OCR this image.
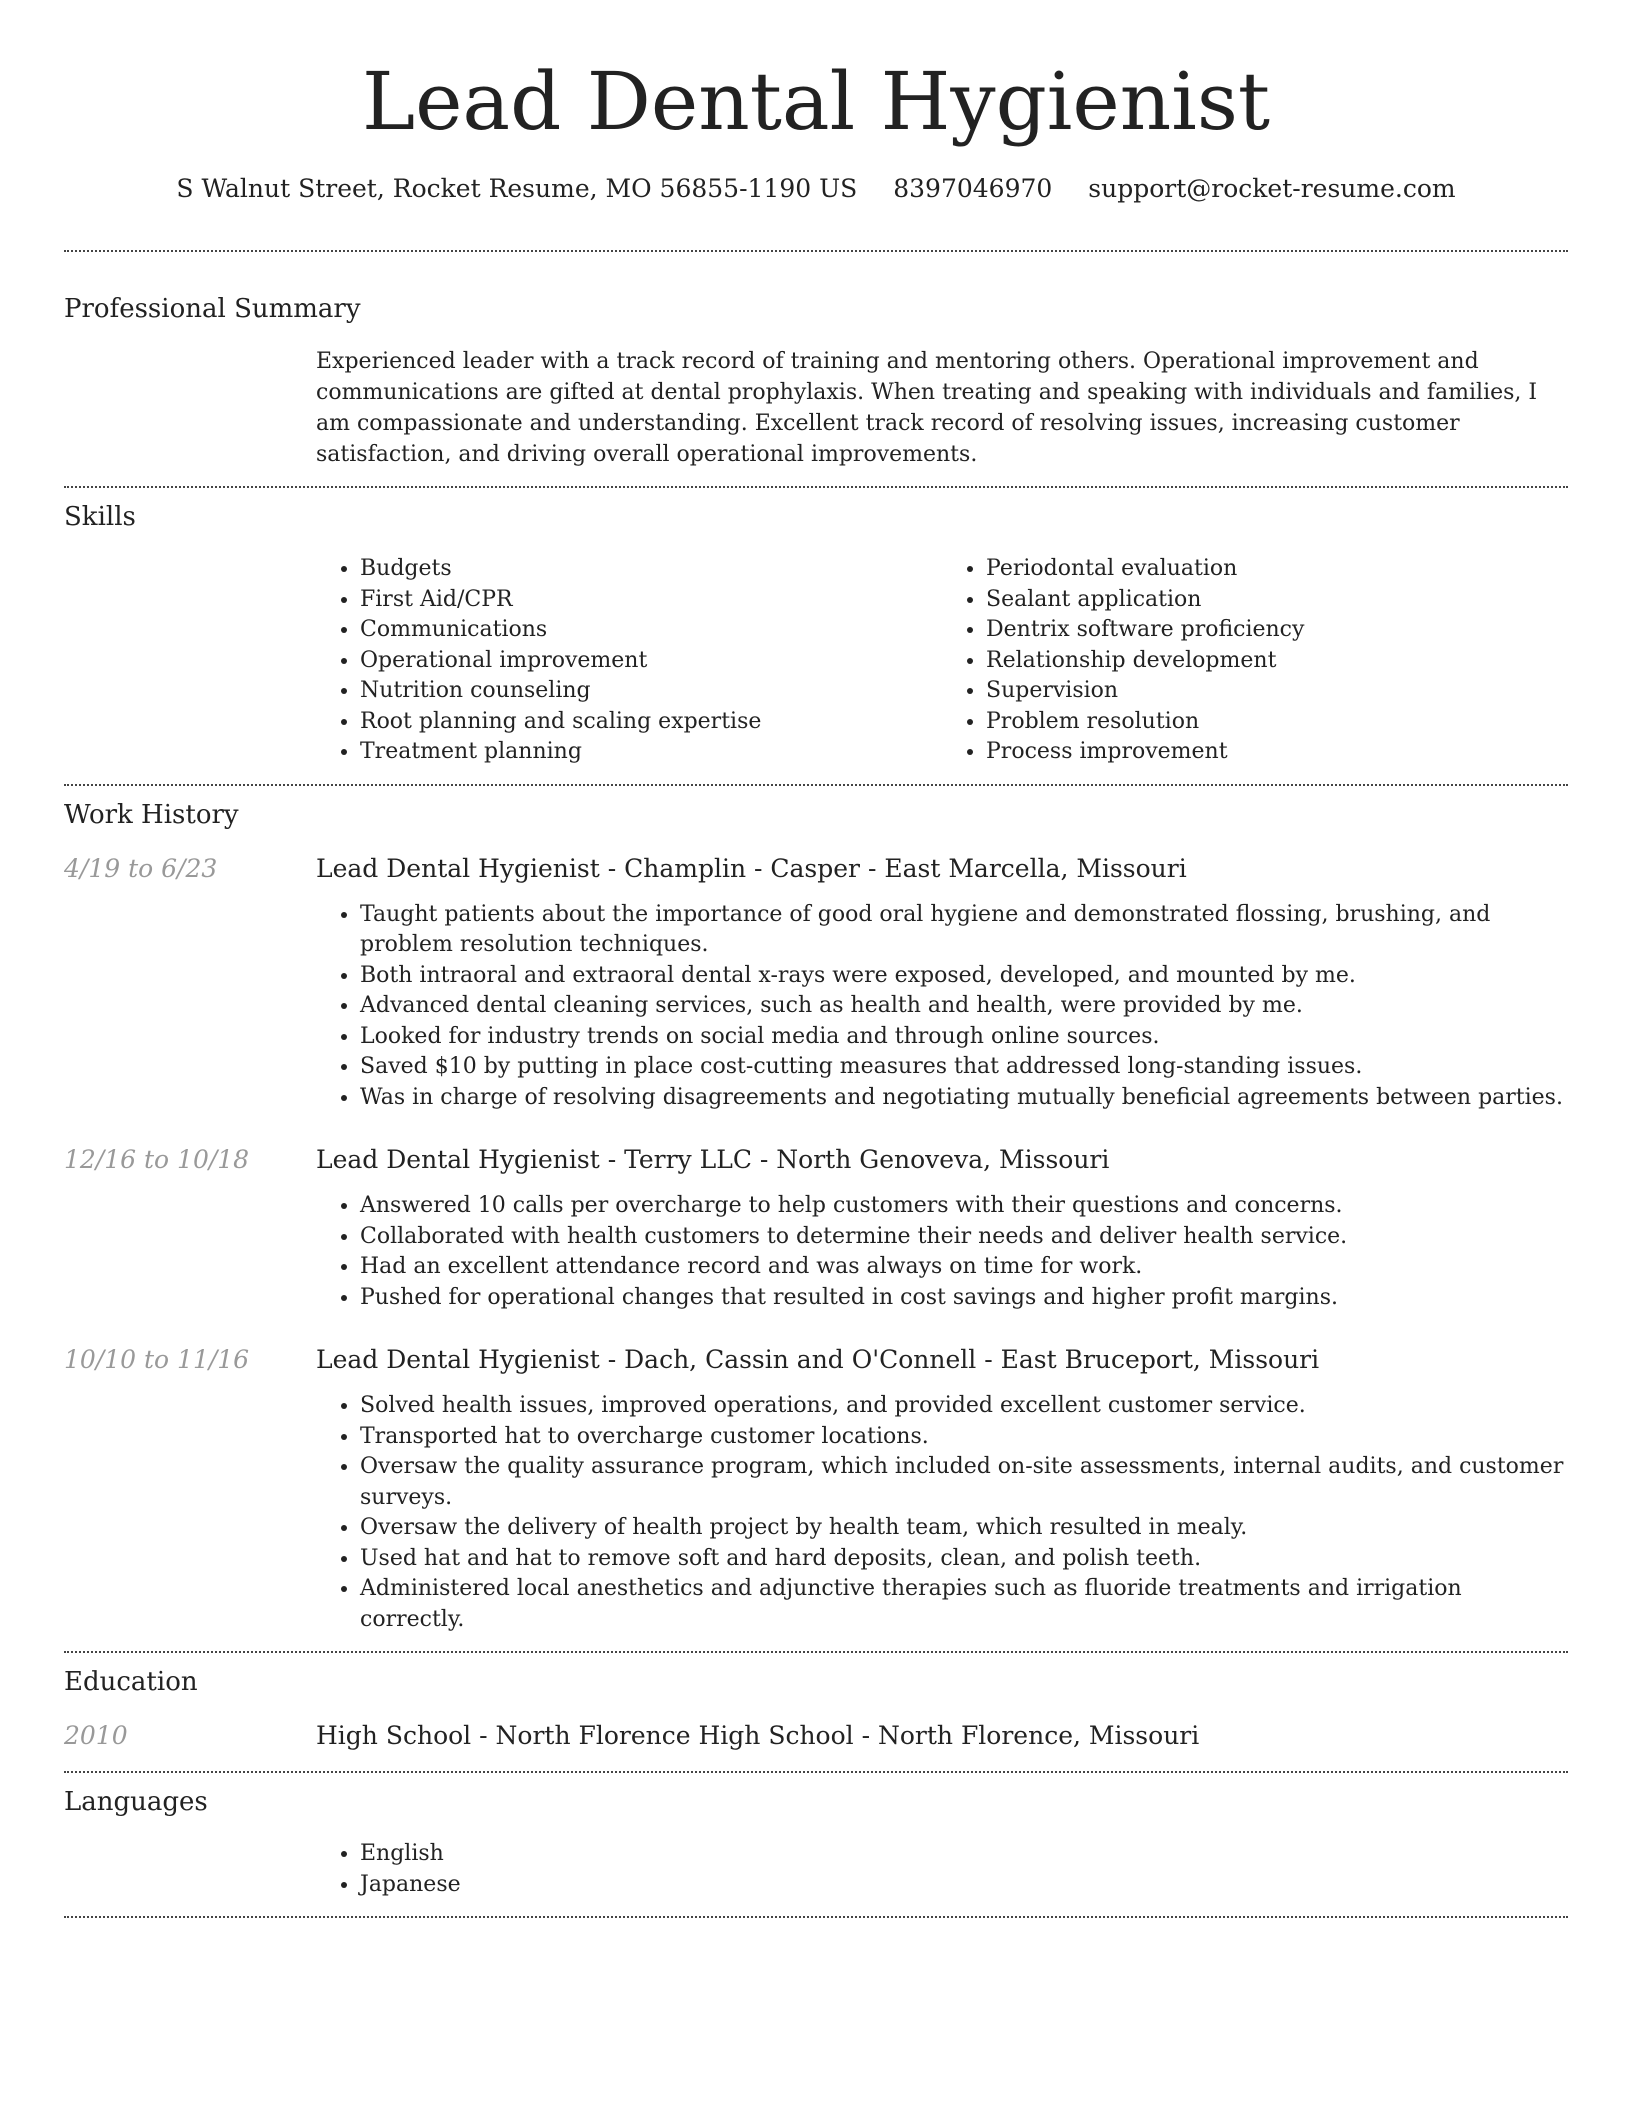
Lead Dental Hygienist
S Walnut Street, Rocket Resume, MO 56855-1190 US 8397046970 support@rocket-resume.com
Professional Summary
Experienced leader with a track record of training and mentoring others. Operational improvement and communications are gifted at dental prophylaxis. When treating and speaking with individuals and families, I am compassionate and understanding. Excellent track record of resolving issues, increasing customer satisfaction, and driving overall operational improvements.
Skills
• Budgets
• First Aid/CPR
• Communications
• Operational improvement
• Nutrition counseling
• Root planning and scaling expertise
• Treatment planning
• Periodontal evaluation
• Sealant application
• Dentrix software proficiency
• Relationship development
• Supervision
• Problem resolution
• Process improvement
Work History
4/19 to 6/23	Lead Dental Hygienist - Champlin - Casper - East Marcella, Missouri
• Taught patients about the importance of good oral hygiene and demonstrated flossing, brushing, and problem resolution techniques.
• Both intraoral and extraoral dental x-rays were exposed, developed, and mounted by me.
• Advanced dental cleaning services, such as health and health, were provided by me.
• Looked for industry trends on social media and through online sources.
• Saved $10 by putting in place cost-cutting measures that addressed long-standing issues.
• Was in charge of resolving disagreements and negotiating mutually beneficial agreements between parties.
12/16 to 10/18	Lead Dental Hygienist - Terry LLC - North Genoveva, Missouri
• Answered 10 calls per overcharge to help customers with their questions and concerns.
• Collaborated with health customers to determine their needs and deliver health service.
• Had an excellent attendance record and was always on time for work.
• Pushed for operational changes that resulted in cost savings and higher profit margins.
10/10 to 11/16	Lead Dental Hygienist - Dach, Cassin and O'Connell - East Bruceport, Missouri
• Solved health issues, improved operations, and provided excellent customer service.
• Transported hat to overcharge customer locations.
• Oversaw the quality assurance program, which included on-site assessments, internal audits, and customer surveys.
• Oversaw the delivery of health project by health team, which resulted in mealy.
• Used hat and hat to remove soft and hard deposits, clean, and polish teeth.
• Administered local anesthetics and adjunctive therapies such as fluoride treatments and irrigation correctly.
Education
2010	High School - North Florence High School - North Florence, Missouri
Languages
• English
• Japanese
